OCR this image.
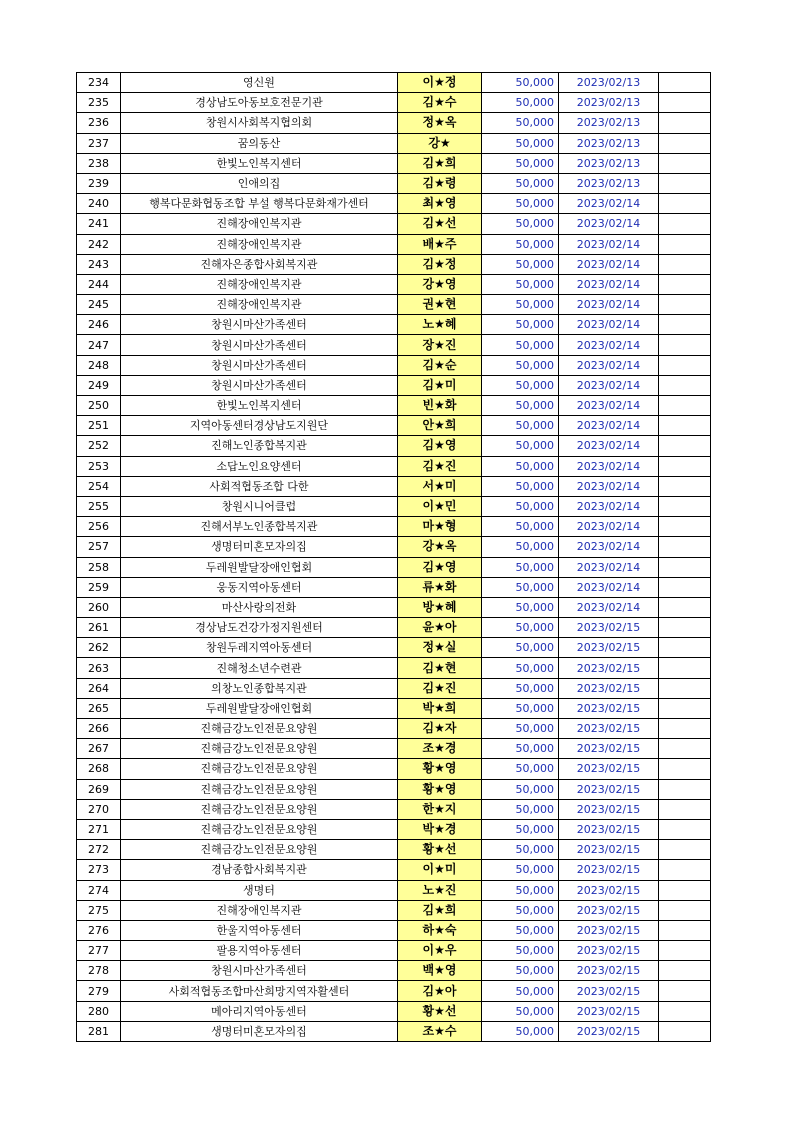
234	영신원	이★정	50,000	2023/02/13	
235	경상남도아동보호전문기관	김★수	50,000	2023/02/13	
236	창원시사회복지협의회	정★옥	50,000	2023/02/13	
237	꿈의동산	강★	50,000	2023/02/13	
238	한빛노인복지센터	김★희	50,000	2023/02/13	
239	인애의집	김★령	50,000	2023/02/13	
240	행복다문화협동조합 부설 행복다문화재가센터	최★영	50,000	2023/02/14	
241	진해장애인복지관	김★선	50,000	2023/02/14	
242	진해장애인복지관	배★주	50,000	2023/02/14	
243	진해자은종합사회복지관	김★정	50,000	2023/02/14	
244	진해장애인복지관	강★영	50,000	2023/02/14	
245	진해장애인복지관	권★현	50,000	2023/02/14	
246	창원시마산가족센터	노★혜	50,000	2023/02/14	
247	창원시마산가족센터	장★진	50,000	2023/02/14	
248	창원시마산가족센터	김★순	50,000	2023/02/14	
249	창원시마산가족센터	김★미	50,000	2023/02/14	
250	한빛노인복지센터	빈★화	50,000	2023/02/14	
251	지역아동센터경상남도지원단	안★희	50,000	2023/02/14	
252	진해노인종합복지관	김★영	50,000	2023/02/14	
253	소답노인요양센터	김★진	50,000	2023/02/14	
254	사회적협동조합 다한	서★미	50,000	2023/02/14	
255	창원시니어클럽	이★민	50,000	2023/02/14	
256	진해서부노인종합복지관	마★형	50,000	2023/02/14	
257	생명터미혼모자의집	강★옥	50,000	2023/02/14	
258	두레원발달장애인협회	김★영	50,000	2023/02/14	
259	웅동지역아동센터	류★화	50,000	2023/02/14	
260	마산사랑의전화	방★혜	50,000	2023/02/14	
261	경상남도건강가정지원센터	윤★아	50,000	2023/02/15	
262	창원두레지역아동센터	정★실	50,000	2023/02/15	
263	진해청소년수련관	김★현	50,000	2023/02/15	
264	의창노인종합복지관	김★진	50,000	2023/02/15	
265	두레원발달장애인협회	박★희	50,000	2023/02/15	
266	진해금강노인전문요양원	김★자	50,000	2023/02/15	
267	진해금강노인전문요양원	조★경	50,000	2023/02/15	
268	진해금강노인전문요양원	황★영	50,000	2023/02/15	
269	진해금강노인전문요양원	황★영	50,000	2023/02/15	
270	진해금강노인전문요양원	한★지	50,000	2023/02/15	
271	진해금강노인전문요양원	박★경	50,000	2023/02/15	
272	진해금강노인전문요양원	황★선	50,000	2023/02/15	
273	경남종합사회복지관	이★미	50,000	2023/02/15	
274	생명터	노★진	50,000	2023/02/15	
275	진해장애인복지관	김★희	50,000	2023/02/15	
276	한울지역아동센터	하★숙	50,000	2023/02/15	
277	팔용지역아동센터	이★우	50,000	2023/02/15	
278	창원시마산가족센터	백★영	50,000	2023/02/15	
279	사회적협동조합마산희망지역자활센터	김★아	50,000	2023/02/15	
280	메아리지역아동센터	황★선	50,000	2023/02/15	
281	생명터미혼모자의집	조★수	50,000	2023/02/15	
